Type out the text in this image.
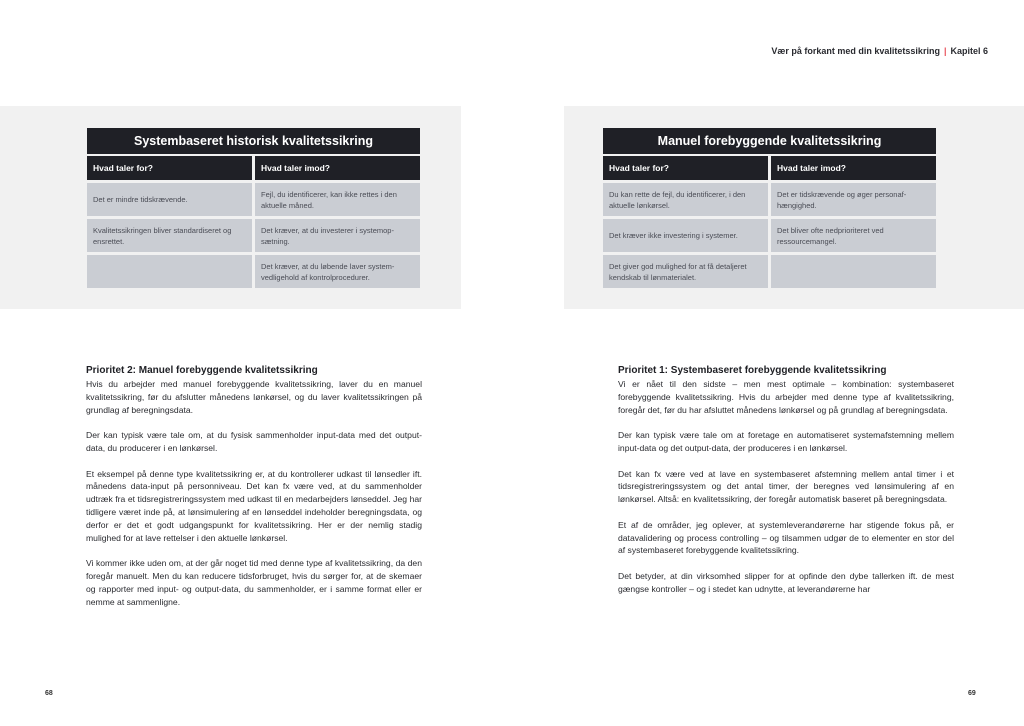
Systembaseret historisk kvalitetssikring
Hvad taler for?	Hvad taler imod?
Det er mindre tidskrævende.
Fejl, du identificerer, kan ikke rettes i den aktuelle måned.
Kvalitetssikringen bliver standardiseret og ensrettet.
Det kræver, at du investerer i systemop-sætning.
Det kræver, at du løbende laver system-vedligehold af kontrolprocedurer.
Prioritet 2: Manuel forebyggende kvalitetssikring

Hvis du arbejder med manuel forebyggende kvalitetssikring, laver du en manuel kvalitetssikring, før du afslutter månedens lønkørsel, og du laver kvalitetssikringen på grundlag af beregningsdata.

Der kan typisk være tale om, at du fysisk sammenholder input-data med det output-data, du producerer i en lønkørsel.

Et eksempel på denne type kvalitetssikring er, at du kontrollerer udkast til lønsedler ift. månedens data-input på personniveau. Det kan fx være ved, at du sammenholder udtræk fra et tidsregistreringssystem med udkast til en medarbejders lønseddel. Jeg har tidligere været inde på, at lønsimulering af en lønseddel indeholder beregningsdata, og derfor er det et godt udgangspunkt for kvalitetssikring. Her er der nemlig stadig mulighed for at lave rettelser i den aktuelle lønkørsel.

Vi kommer ikke uden om, at der går noget tid med denne type af kvalitetssikring, da den foregår manuelt. Men du kan reducere tidsforbruget, hvis du sørger for, at de skemaer og rapporter med input- og output-data, du sammenholder, er i samme format eller er nemme at sammenligne.

68
Vær på forkant med din kvalitetssikring | Kapitel 6
Manuel forebyggende kvalitetssikring
Hvad taler for?	Hvad taler imod?
Du kan rette de fejl, du identificerer, i den aktuelle lønkørsel.
Det er tidskrævende og øger personaf-hængighed.
Det kræver ikke investering i systemer.
Det bliver ofte nedprioriteret ved ressourcemangel.
Det giver god mulighed for at få detaljeret kendskab til lønmaterialet.
Prioritet 1: Systembaseret forebyggende kvalitetssikring

Vi er nået til den sidste – men mest optimale – kombination: systembaseret forebyggende kvalitetssikring. Hvis du arbejder med denne type af kvalitetssikring, foregår det, før du har afsluttet månedens lønkørsel og på grundlag af beregningsdata.

Der kan typisk være tale om at foretage en automatiseret systemafstemning mellem input-data og det output-data, der produceres i en lønkørsel.

Det kan fx være ved at lave en systembaseret afstemning mellem antal timer i et tidsregistreringssystem og det antal timer, der beregnes ved lønsimulering af en lønkørsel. Altså: en kvalitetssikring, der foregår automatisk baseret på beregningsdata.

Et af de områder, jeg oplever, at systemleverandørerne har stigende fokus på, er datavalidering og process controlling – og tilsammen udgør de to elementer en stor del af systembaseret forebyggende kvalitetssikring.

Det betyder, at din virksomhed slipper for at opfinde den dybe tallerken ift. de mest gængse kontroller – og i stedet kan udnytte, at leverandørerne har

69
